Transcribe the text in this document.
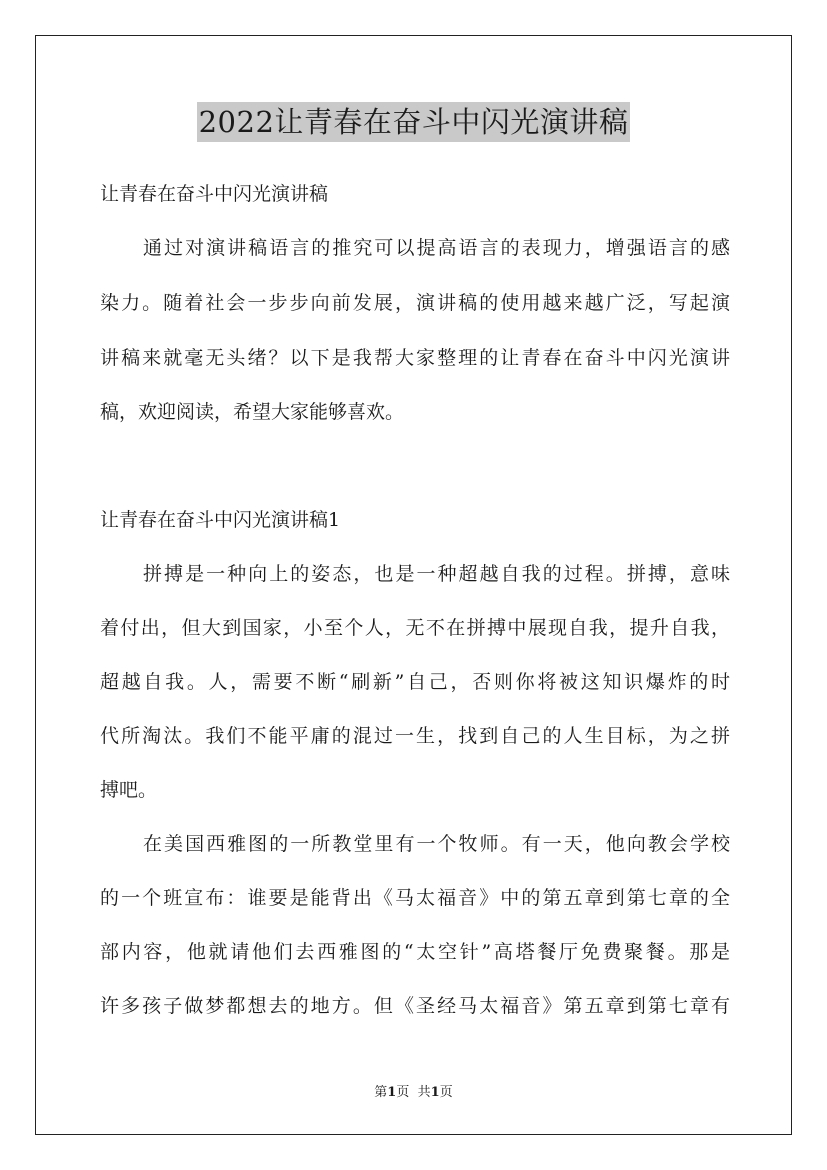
2022让青春在奋斗中闪光演讲稿
让青春在奋斗中闪光演讲稿
通过对演讲稿语言的推究可以提高语言的表现力，增强语言的感
染力。随着社会一步步向前发展，演讲稿的使用越来越广泛，写起演
讲稿来就毫无头绪？以下是我帮大家整理的让青春在奋斗中闪光演讲
稿，欢迎阅读，希望大家能够喜欢。
让青春在奋斗中闪光演讲稿1
拼搏是一种向上的姿态，也是一种超越自我的过程。拼搏，意味
着付出，但大到国家，小至个人，无不在拼搏中展现自我，提升自我，
超越自我。人，需要不断“刷新”自己，否则你将被这知识爆炸的时
代所淘汰。我们不能平庸的混过一生，找到自己的人生目标，为之拼
搏吧。
在美国西雅图的一所教堂里有一个牧师。有一天，他向教会学校
的一个班宣布：谁要是能背出《马太福音》中的第五章到第七章的全
部内容，他就请他们去西雅图的“太空针”高塔餐厅免费聚餐。那是
许多孩子做梦都想去的地方。但《圣经马太福音》第五章到第七章有
第1页 共1页
